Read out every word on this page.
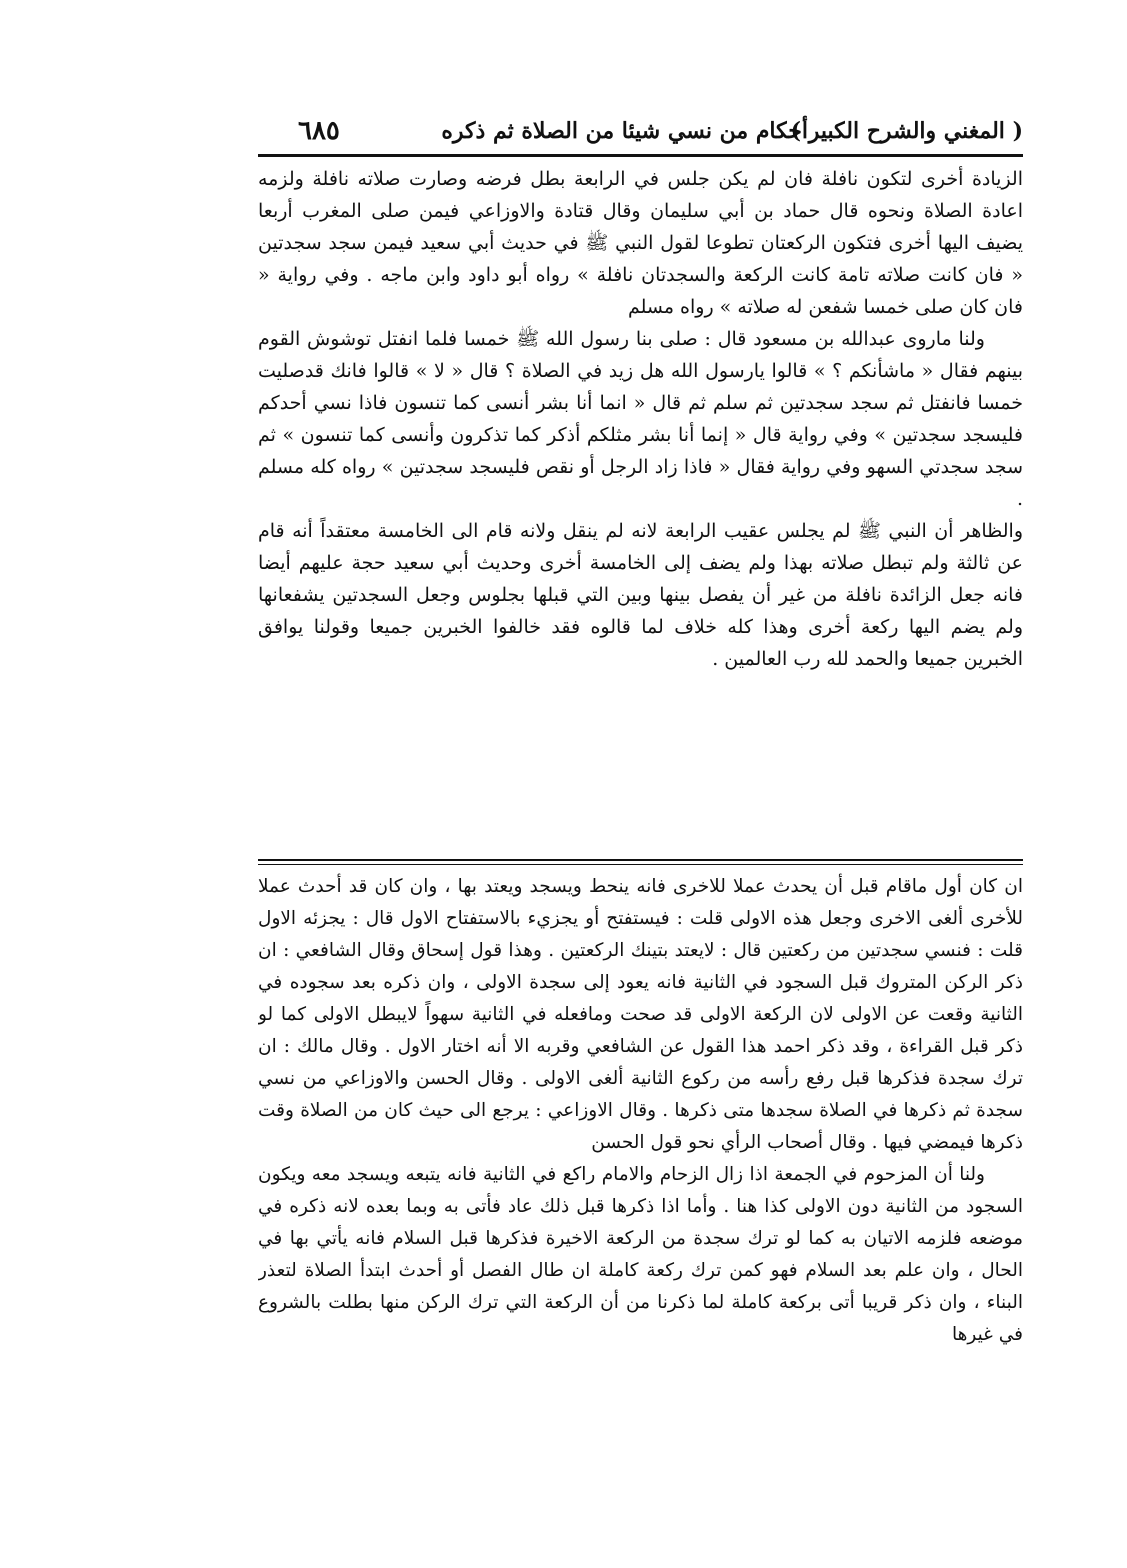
( المغني والشرح الكبير )
أحكام من نسي شيئا من الصلاة ثم ذكره
٦٨٥

الزيادة أخرى لتكون نافلة فان لم يكن جلس في الرابعة بطل فرضه وصارت صلاته نافلة ولزمه اعادة الصلاة ونحوه قال حماد بن أبي سليمان وقال قتادة والاوزاعي فيمن صلى المغرب أربعا يضيف اليها أخرى فتكون الركعتان تطوعا لقول النبي ﷺ في حديث أبي سعيد فيمن سجد سجدتين « فان كانت صلاته تامة كانت الركعة والسجدتان نافلة » رواه أبو داود وابن ماجه . وفي رواية « فان كان صلى خمسا شفعن له صلاته » رواه مسلم

ولنا ماروى عبدالله بن مسعود قال : صلى بنا رسول الله ﷺ خمسا فلما انفتل توشوش القوم بينهم فقال « ماشأنكم ؟ » قالوا يارسول الله هل زيد في الصلاة ؟ قال « لا » قالوا فانك قدصليت خمسا فانفتل ثم سجد سجدتين ثم سلم ثم قال « انما أنا بشر أنسى كما تنسون فاذا نسي أحدكم فليسجد سجدتين » وفي رواية قال « إنما أنا بشر مثلكم أذكر كما تذكرون وأنسى كما تنسون » ثم سجد سجدتي السهو وفي رواية فقال « فاذا زاد الرجل أو نقص فليسجد سجدتين » رواه كله مسلم .

والظاهر أن النبي ﷺ لم يجلس عقيب الرابعة لانه لم ينقل ولانه قام الى الخامسة معتقداً أنه قام عن ثالثة ولم تبطل صلاته بهذا ولم يضف إلى الخامسة أخرى وحديث أبي سعيد حجة عليهم أيضا فانه جعل الزائدة نافلة من غير أن يفصل بينها وبين التي قبلها بجلوس وجعل السجدتين يشفعانها ولم يضم اليها ركعة أخرى وهذا كله خلاف لما قالوه فقد خالفوا الخبرين جميعا وقولنا يوافق الخبرين جميعا والحمد لله رب العالمين .

ان كان أول ماقام قبل أن يحدث عملا للاخرى فانه ينحط ويسجد ويعتد بها ، وان كان قد أحدث عملا للأخرى ألغى الاخرى وجعل هذه الاولى قلت : فيستفتح أو يجزيء بالاستفتاح الاول قال : يجزئه الاول قلت : فنسي سجدتين من ركعتين قال : لايعتد بتينك الركعتين . وهذا قول إسحاق وقال الشافعي : ان ذكر الركن المتروك قبل السجود في الثانية فانه يعود إلى سجدة الاولى ، وان ذكره بعد سجوده في الثانية وقعت عن الاولى لان الركعة الاولى قد صحت ومافعله في الثانية سهواً لايبطل الاولى كما لو ذكر قبل القراءة ، وقد ذكر احمد هذا القول عن الشافعي وقربه الا أنه اختار الاول . وقال مالك : ان ترك سجدة فذكرها قبل رفع رأسه من ركوع الثانية ألغى الاولى . وقال الحسن والاوزاعي من نسي سجدة ثم ذكرها في الصلاة سجدها متى ذكرها . وقال الاوزاعي : يرجع الى حيث كان من الصلاة وقت ذكرها فيمضي فيها . وقال أصحاب الرأي نحو قول الحسن

ولنا أن المزحوم في الجمعة اذا زال الزحام والامام راكع في الثانية فانه يتبعه ويسجد معه ويكون السجود من الثانية دون الاولى كذا هنا . وأما اذا ذكرها قبل ذلك عاد فأتى به وبما بعده لانه ذكره في موضعه فلزمه الاتيان به كما لو ترك سجدة من الركعة الاخيرة فذكرها قبل السلام فانه يأتي بها في الحال ، وان علم بعد السلام فهو كمن ترك ركعة كاملة ان طال الفصل أو أحدث ابتدأ الصلاة لتعذر البناء ، وان ذكر قريبا أتى بركعة كاملة لما ذكرنا من أن الركعة التي ترك الركن منها بطلت بالشروع في غيرها
